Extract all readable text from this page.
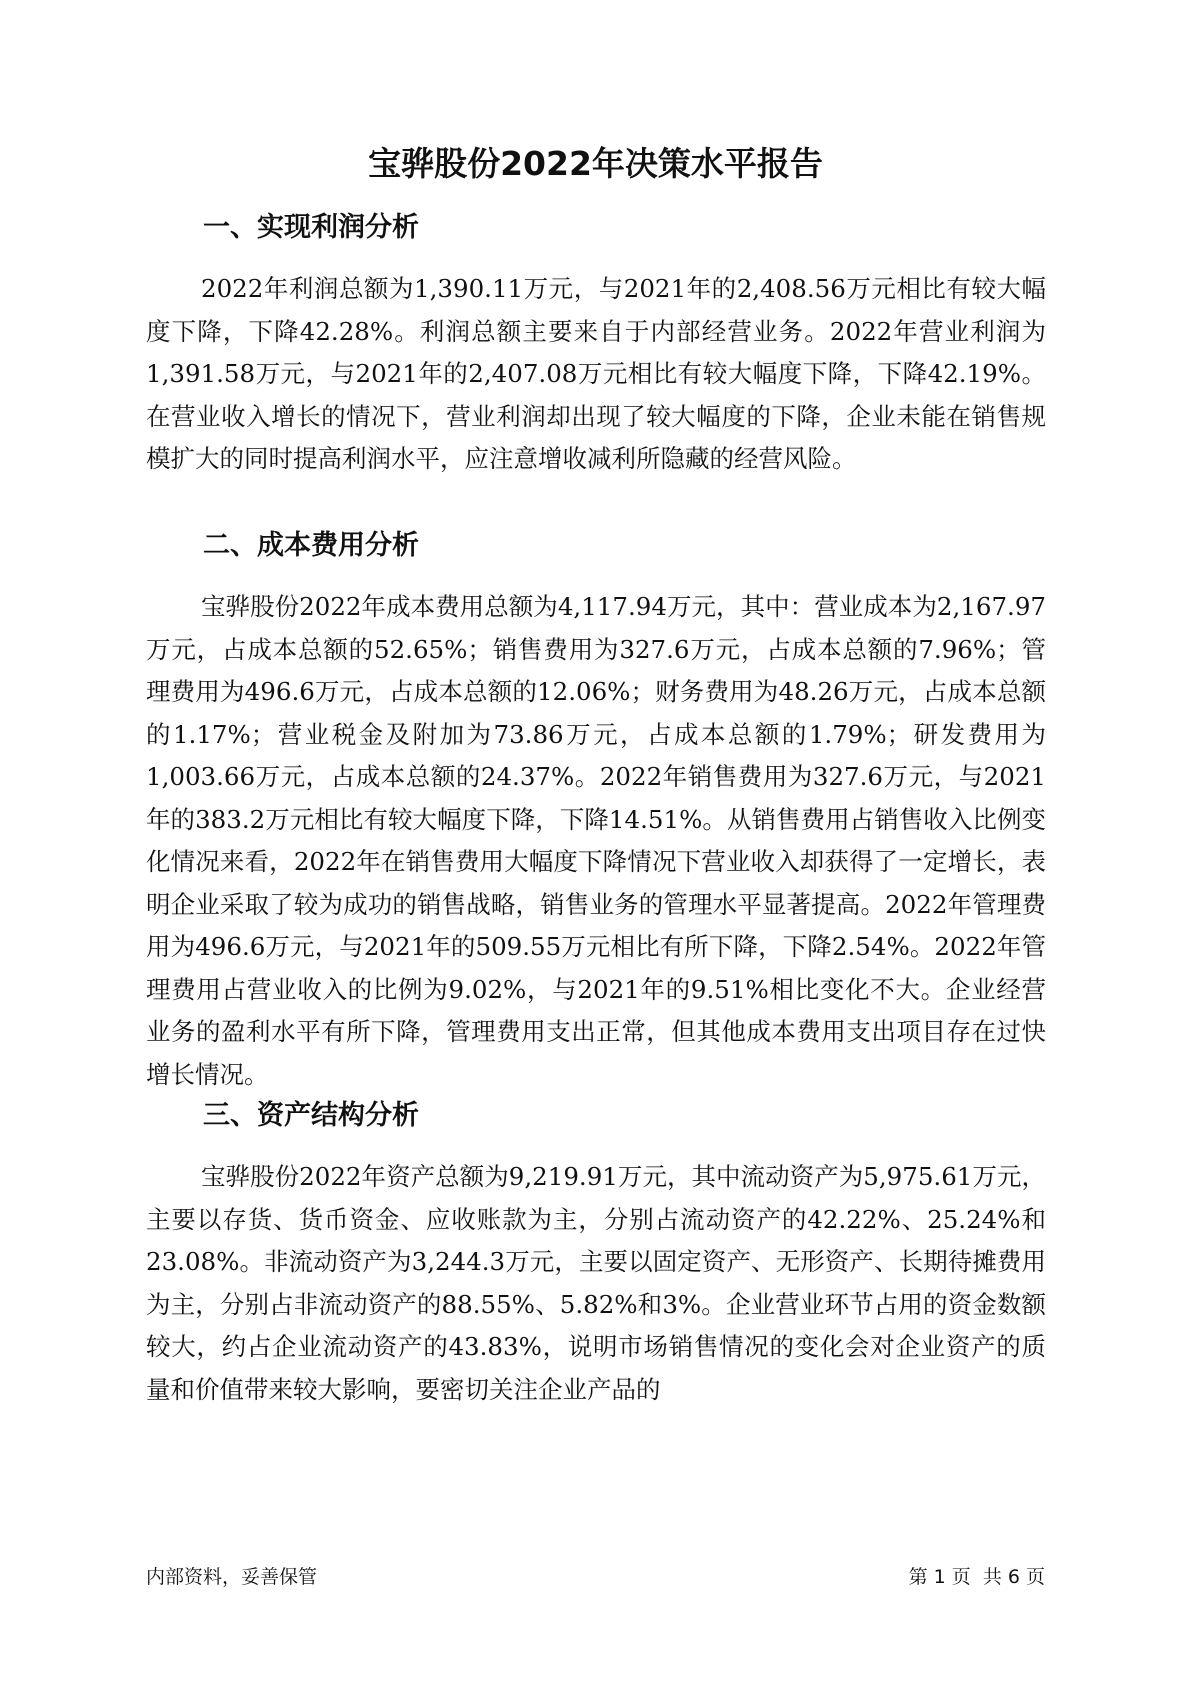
宝骅股份2022年决策水平报告
一、实现利润分析

2022年利润总额为1,390.11万元，与2021年的2,408.56万元相比有较大幅度下降，下降42.28%。利润总额主要来自于内部经营业务。2022年营业利润为1,391.58万元，与2021年的2,407.08万元相比有较大幅度下降，下降42.19%。在营业收入增长的情况下，营业利润却出现了较大幅度的下降，企业未能在销售规模扩大的同时提高利润水平，应注意增收减利所隐藏的经营风险。

二、成本费用分析

宝骅股份2022年成本费用总额为4,117.94万元，其中：营业成本为2,167.97万元，占成本总额的52.65%；销售费用为327.6万元，占成本总额的7.96%；管理费用为496.6万元，占成本总额的12.06%；财务费用为48.26万元，占成本总额的1.17%；营业税金及附加为73.86万元，占成本总额的1.79%；研发费用为1,003.66万元，占成本总额的24.37%。2022年销售费用为327.6万元，与2021年的383.2万元相比有较大幅度下降，下降14.51%。从销售费用占销售收入比例变化情况来看，2022年在销售费用大幅度下降情况下营业收入却获得了一定增长，表明企业采取了较为成功的销售战略，销售业务的管理水平显著提高。2022年管理费用为496.6万元，与2021年的509.55万元相比有所下降，下降2.54%。2022年管理费用占营业收入的比例为9.02%，与2021年的9.51%相比变化不大。企业经营业务的盈利水平有所下降，管理费用支出正常，但其他成本费用支出项目存在过快增长情况。

三、资产结构分析

宝骅股份2022年资产总额为9,219.91万元，其中流动资产为5,975.61万元，主要以存货、货币资金、应收账款为主，分别占流动资产的42.22%、25.24%和23.08%。非流动资产为3,244.3万元，主要以固定资产、无形资产、长期待摊费用为主，分别占非流动资产的88.55%、5.82%和3%。企业营业环节占用的资金数额较大，约占企业流动资产的43.83%，说明市场销售情况的变化会对企业资产的质量和价值带来较大影响，要密切关注企业产品的

内部资料，妥善保管	第 1 页  共 6 页
